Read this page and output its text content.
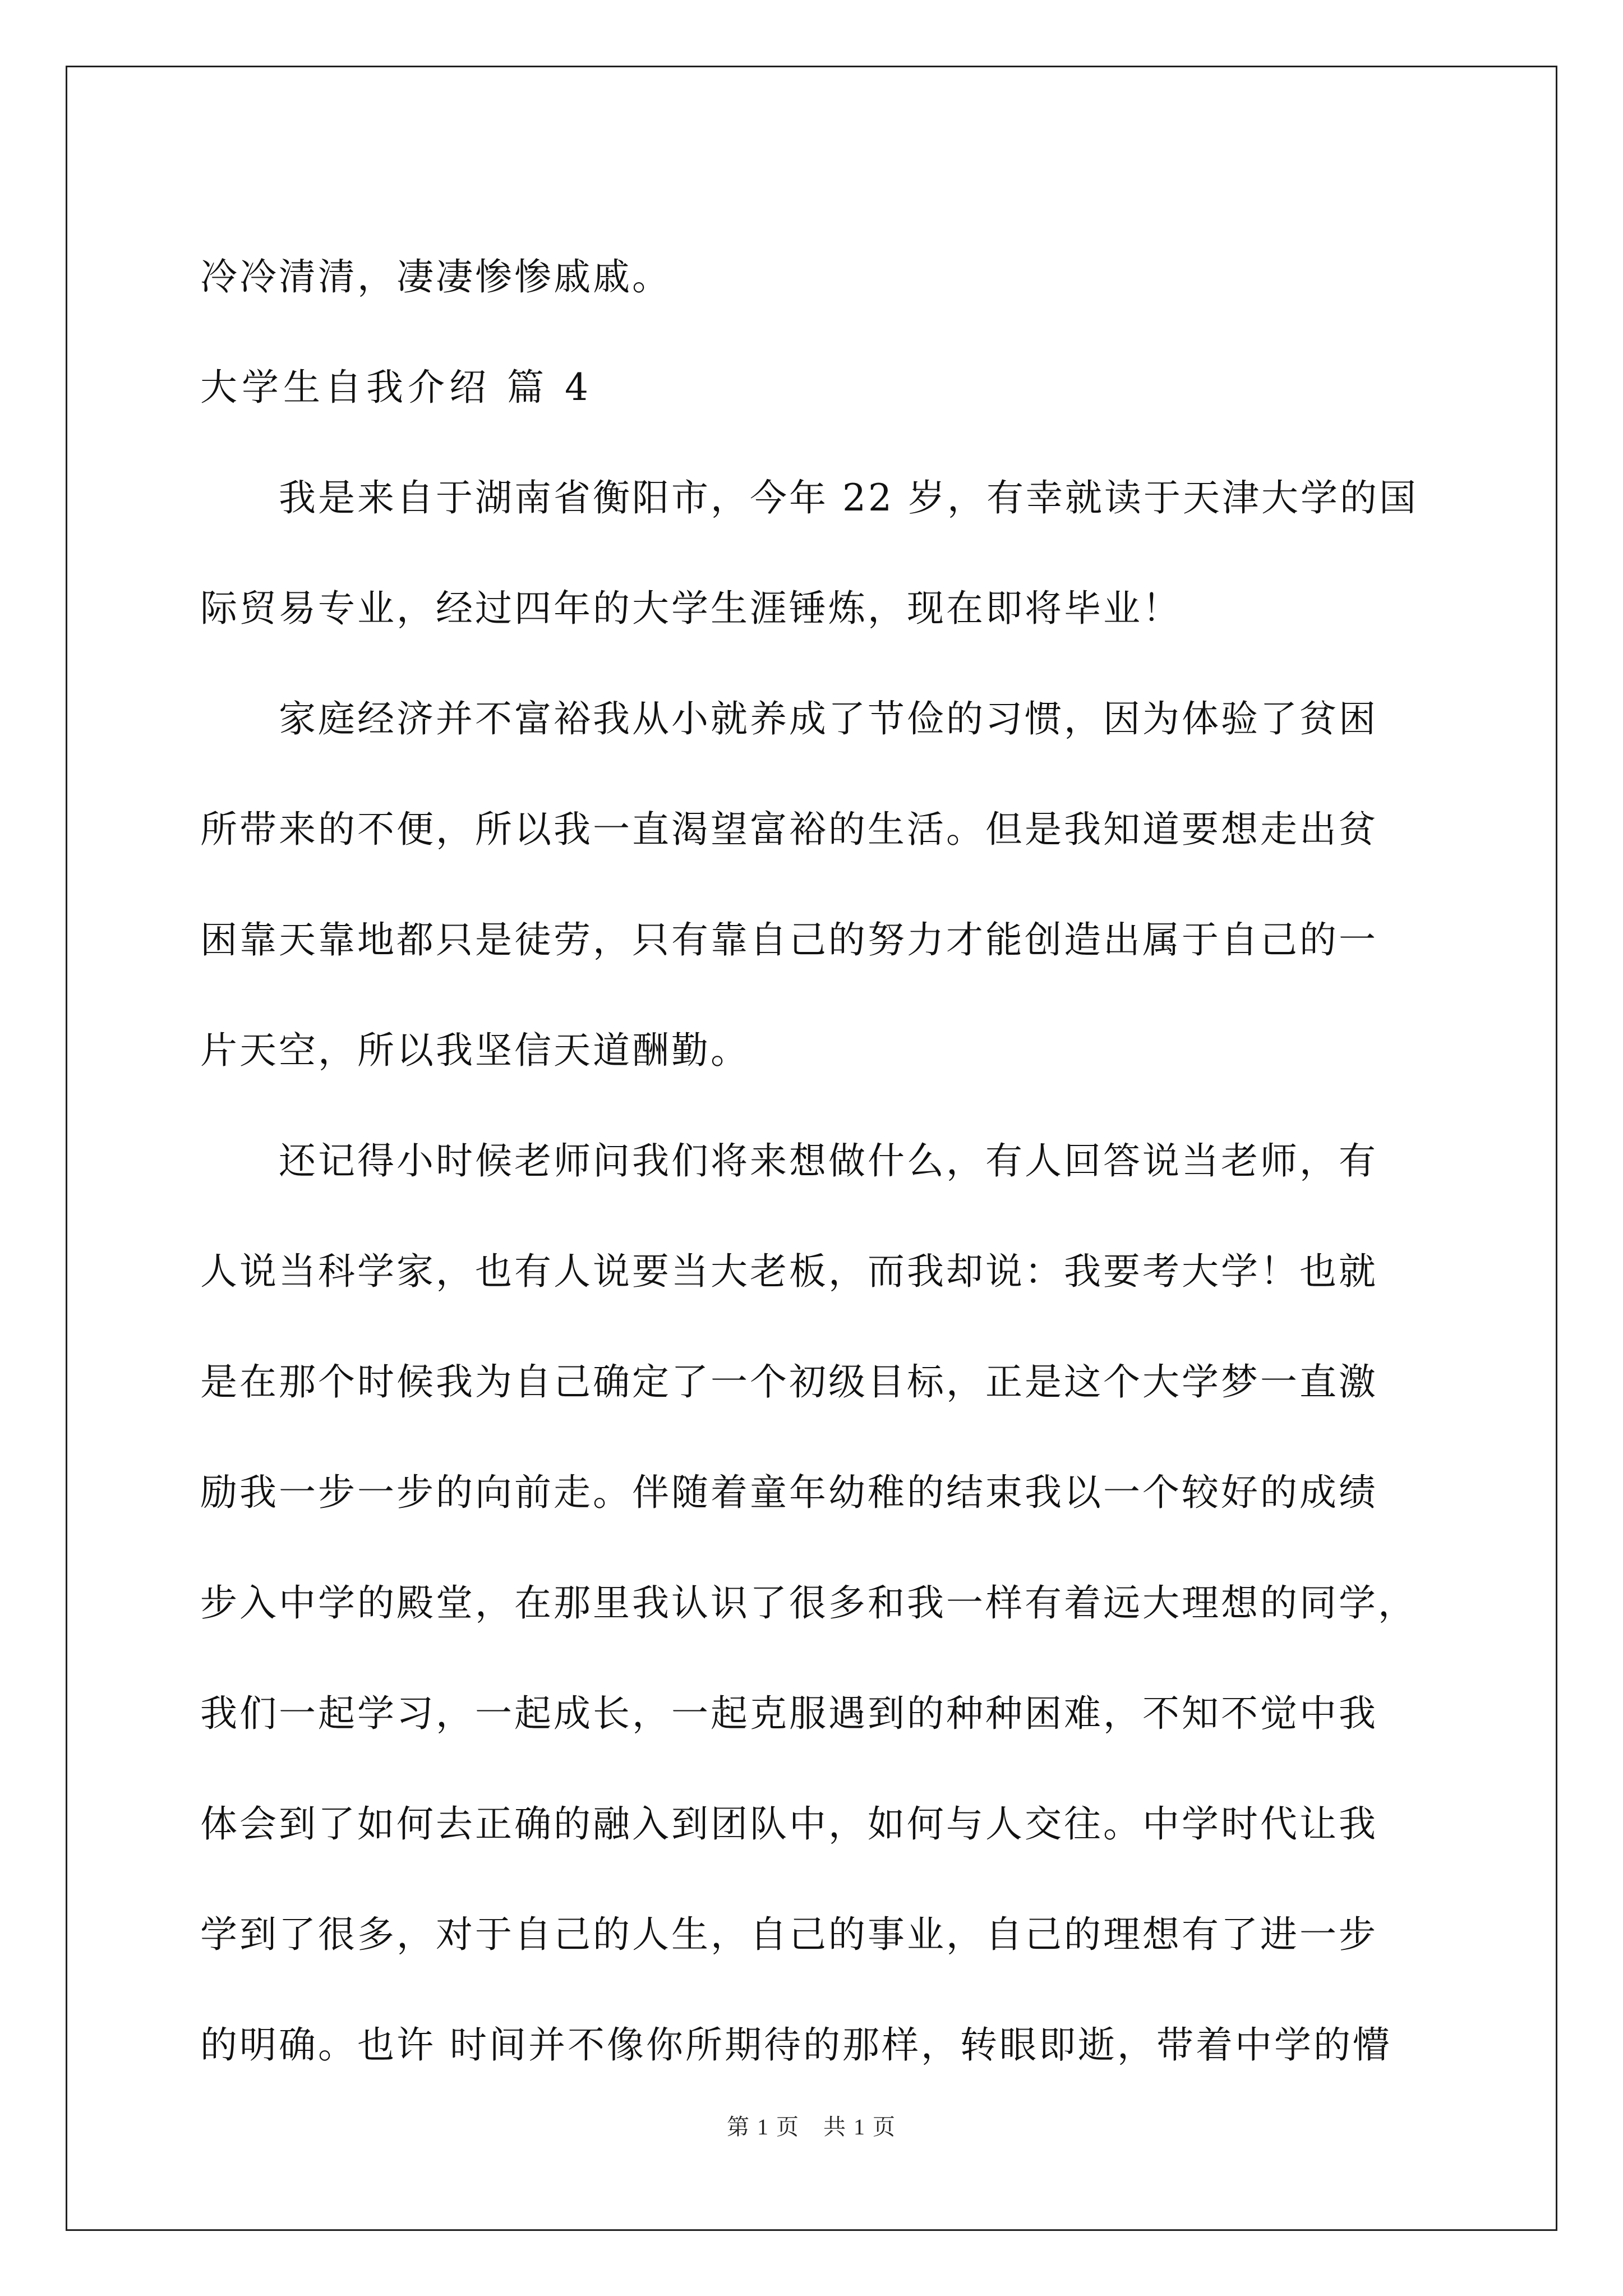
冷冷清清，凄凄惨惨戚戚。
大学生自我介绍 篇 4
　　我是来自于湖南省衡阳市，今年 22 岁，有幸就读于天津大学的国
际贸易专业，经过四年的大学生涯锤炼，现在即将毕业！
　　家庭经济并不富裕我从小就养成了节俭的习惯，因为体验了贫困
所带来的不便，所以我一直渴望富裕的生活。但是我知道要想走出贫
困靠天靠地都只是徒劳，只有靠自己的努力才能创造出属于自己的一
片天空，所以我坚信天道酬勤。
　　还记得小时候老师问我们将来想做什么，有人回答说当老师，有
人说当科学家，也有人说要当大老板，而我却说：我要考大学！也就
是在那个时候我为自己确定了一个初级目标，正是这个大学梦一直激
励我一步一步的向前走。伴随着童年幼稚的结束我以一个较好的成绩
步入中学的殿堂，在那里我认识了很多和我一样有着远大理想的同学，
我们一起学习，一起成长，一起克服遇到的种种困难，不知不觉中我
体会到了如何去正确的融入到团队中，如何与人交往。中学时代让我
学到了很多，对于自己的人生，自己的事业，自己的理想有了进一步
的明确。也许 时间并不像你所期待的那样，转眼即逝，带着中学的懵
第 1 页　共 1 页
